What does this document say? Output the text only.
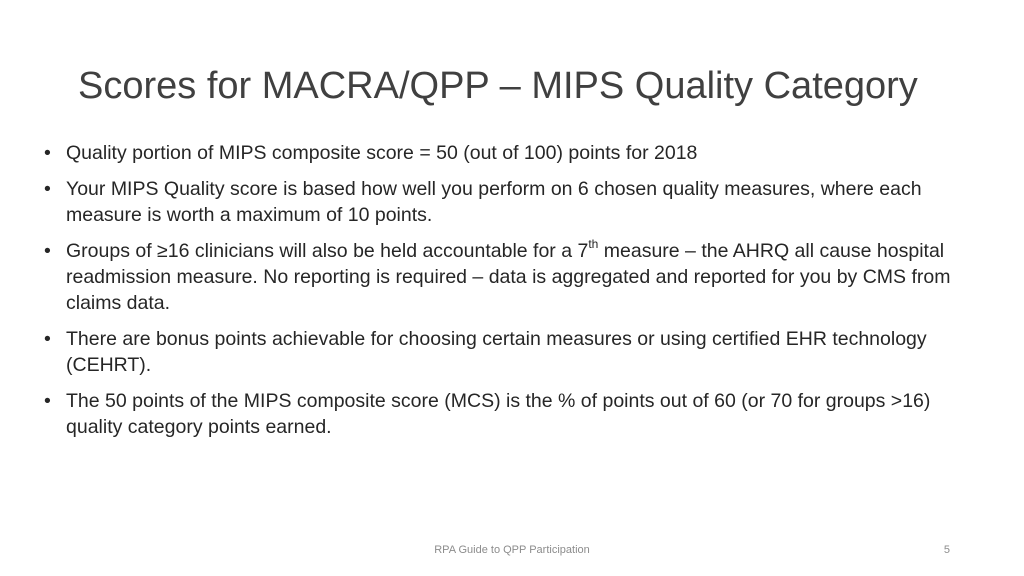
Scores for MACRA/QPP – MIPS Quality Category
• Quality portion of MIPS composite score = 50 (out of 100) points for 2018
• Your MIPS Quality score is based how well you perform on 6 chosen quality measures, where each measure is worth a maximum of 10 points.
• Groups of ≥16 clinicians will also be held accountable for a 7th measure – the AHRQ all cause hospital readmission measure. No reporting is required – data is aggregated and reported for you by CMS from claims data.
• There are bonus points achievable for choosing certain measures or using certified EHR technology (CEHRT).
• The 50 points of the MIPS composite score (MCS) is the % of points out of 60 (or 70 for groups >16) quality category points earned.
RPA Guide to QPP Participation	5
